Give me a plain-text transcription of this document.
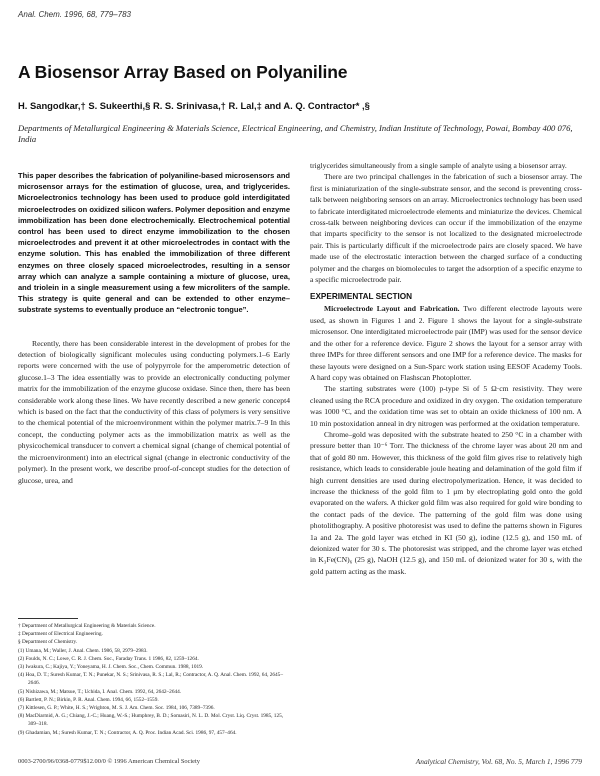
Anal. Chem. 1996, 68, 779–783
A Biosensor Array Based on Polyaniline
H. Sangodkar,† S. Sukeerthi,§ R. S. Srinivasa,† R. Lal,‡ and A. Q. Contractor* ,§
Departments of Metallurgical Engineering & Materials Science, Electrical Engineering, and Chemistry, Indian Institute of Technology, Powai, Bombay 400 076, India

This paper describes the fabrication of polyaniline-based microsensors and microsensor arrays for the estimation of glucose, urea, and triglycerides. Microelectronics technology has been used to produce gold interdigitated microelectrodes on oxidized silicon wafers. Polymer deposition and enzyme immobilization has been done electrochemically. Electrochemical potential control has been used to direct enzyme immobilization to the chosen microelectrodes and prevent it at other microelectrodes in contact with the enzyme solution. This has enabled the immobilization of three different enzymes on three closely spaced microelectrodes, resulting in a sensor array which can analyze a sample containing a mixture of glucose, urea, and triolein in a single measurement using a few microliters of the sample. This strategy is quite general and can be extended to other enzyme–substrate systems to eventually produce an “electronic tongue”.

Recently, there has been considerable interest in the development of probes for the detection of biologically significant molecules using conducting polymers.1–6 Early reports were concerned with the use of polypyrrole for the amperometric detection of glucose.1–3 The idea essentially was to provide an electronically conducting polymer matrix for the immobilization of the enzyme glucose oxidase. Since then, there has been considerable work along these lines. We have recently described a new generic concept4 which is based on the fact that the conductivity of this class of polymers is very sensitive to the chemical potential of the microenvironment within the polymer matrix.7–9 In this concept, the conducting polymer acts as the immobilization matrix as well as the physicochemical transducer to convert a chemical signal (change of chemical potential of the microenvironment) into an electrical signal (change in electronic conductivity of the polymer). In the present work, we describe proof-of-concept studies for the detection of glucose, urea, and

triglycerides simultaneously from a single sample of analyte using a biosensor array.

There are two principal challenges in the fabrication of such a biosensor array. The first is miniaturization of the single-substrate sensor, and the second is preventing cross-talk between neighboring sensors on an array. Microelectronics technology has been used to fabricate interdigitated microelectrode elements and miniaturize the devices. Chemical cross-talk between neighboring devices can occur if the immobilization of the enzyme that imparts specificity to the sensor is not localized to the designated microelectrode pair. This is particularly difficult if the microelectrode pairs are closely spaced. We have made use of the electrostatic interaction between the charged surface of a conducting polymer and the charges on biomolecules to target the adsorption of a specific enzyme to a specific microelectrode pair.

EXPERIMENTAL SECTION

Microelectrode Layout and Fabrication. Two different electrode layouts were used, as shown in Figures 1 and 2. Figure 1 shows the layout for a single-substrate microsensor. One interdigitated microelectrode pair (IMP) was used for the sensor device and the other for a reference device. Figure 2 shows the layout for a sensor array with three IMPs for three different sensors and one IMP for a reference device. The masks for these layouts were designed on a Sun-Sparc work station using EESOF Academy Tools. A hard copy was obtained on Flashscan Photoplotter.

The starting substrates were (100) p-type Si of 5 Ω·cm resistivity. They were cleaned using the RCA procedure and oxidized in dry oxygen. The oxidation temperature was 1000 °C, and the oxidation time was set to obtain an oxide thickness of 100 nm. A 10 min postoxidation anneal in dry nitrogen was performed at the oxidation temperature.

Chrome–gold was deposited with the substrate heated to 250 °C in a chamber with pressure better than 10⁻⁶ Torr. The thickness of the chrome layer was about 20 nm and that of gold 80 nm. However, this thickness of the gold film gives rise to relatively high resistance, which leads to considerable joule heating and delamination of the gold film if high current densities are used during electropolymerization. Hence, it was decided to increase the thickness of the gold film to 1 μm by electroplating gold onto the gold evaporated on the wafers. A thicker gold film was also required for gold wire bonding to the contact pads of the device. The patterning of the gold film was done using photolithography. A positive photoresist was used to define the patterns shown in Figures 1a and 2a. The gold layer was etched in KI (50 g), iodine (12.5 g), and 150 mL of deionized water for 30 s. The photoresist was stripped, and the chrome layer was etched in K₃Fe(CN)₆ (25 g), NaOH (12.5 g), and 150 mL of deionized water for 30 s, with the gold pattern acting as the mask.

† Department of Metallurgical Engineering & Materials Science.
‡ Department of Electrical Engineering.
§ Department of Chemistry.
(1) Umana, M.; Waller, J. Anal. Chem. 1986, 58, 2979–2983.
(2) Foulds, N. C.; Lowe, C. R. J. Chem. Soc., Faraday Trans. 1 1986, 82, 1259–1264.
(3) Iwakura, C.; Kajiya, Y.; Yoneyama, H. J. Chem. Soc., Chem. Commun. 1988, 1019.
(4) Hoa, D. T.; Suresh Kumar, T. N.; Punekar, N. S.; Srinivasa, R. S.; Lal, R.; Contractor, A. Q. Anal. Chem. 1992, 64, 2645–2646.
(5) Nishizawa, M.; Matsue, T.; Uchida, I. Anal. Chem. 1992, 64, 2642–2644.
(6) Bartlett, P. N.; Birkin, P. R. Anal. Chem. 1994, 66, 1552–1559.
(7) Kittlesen, G. P.; White, H. S.; Wrighton, M. S. J. Am. Chem. Soc. 1984, 106, 7389–7396.
(8) MacDiarmid, A. G.; Chiang, J.-C.; Huang, W.-S.; Humphrey, B. D.; Somasiri, N. L. D. Mol. Cryst. Liq. Cryst. 1985, 125, 309–318.
(9) Ghadamian, M.; Suresh Kumar, T. N.; Contractor, A. Q. Proc. Indian Acad. Sci. 1986, 97, 457–464.
0003-2700/96/0368-0779$12.00/0 © 1996 American Chemical Society	Analytical Chemistry, Vol. 68, No. 5, March 1, 1996 779
